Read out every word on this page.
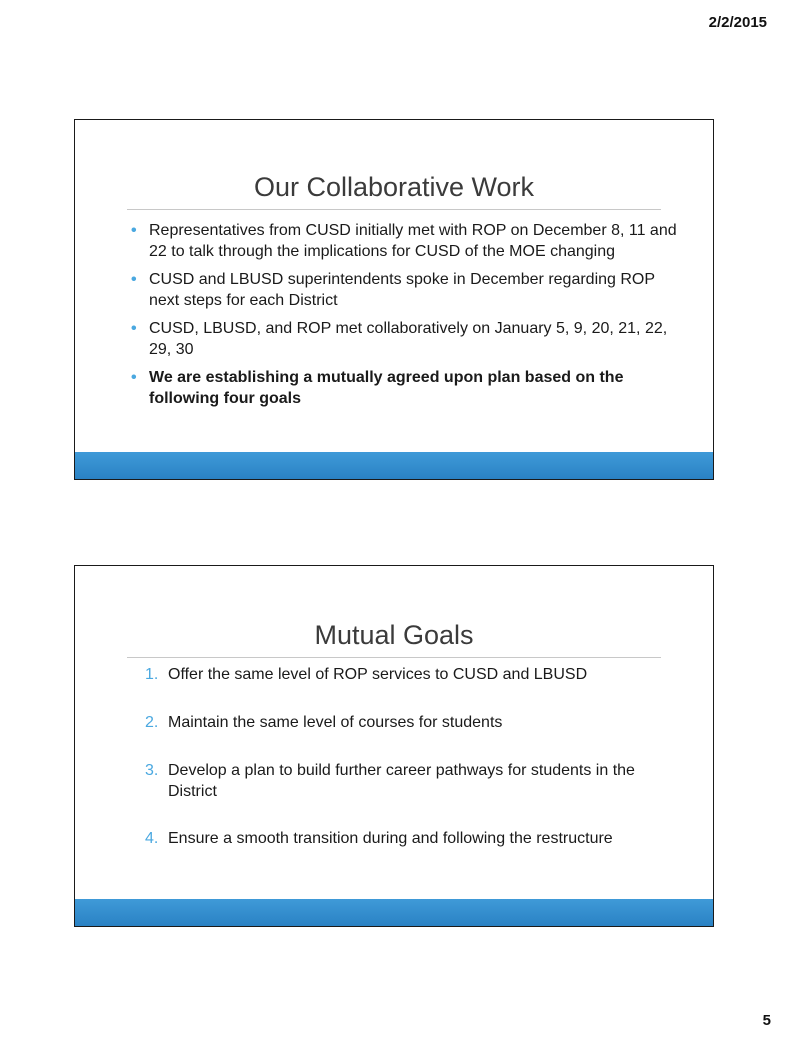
2/2/2015
Our Collaborative Work
• Representatives from CUSD initially met with ROP on December 8, 11 and 22 to talk through the implications for CUSD of the MOE changing
• CUSD and LBUSD superintendents spoke in December regarding ROP next steps for each District
• CUSD, LBUSD, and ROP met collaboratively on January 5, 9, 20, 21, 22, 29, 30
• We are establishing a mutually agreed upon plan based on the following four goals
Mutual Goals
1. Offer the same level of ROP services to CUSD and LBUSD
2. Maintain the same level of courses for students
3. Develop a plan to build further career pathways for students in the District
4. Ensure a smooth transition during and following the restructure
5
